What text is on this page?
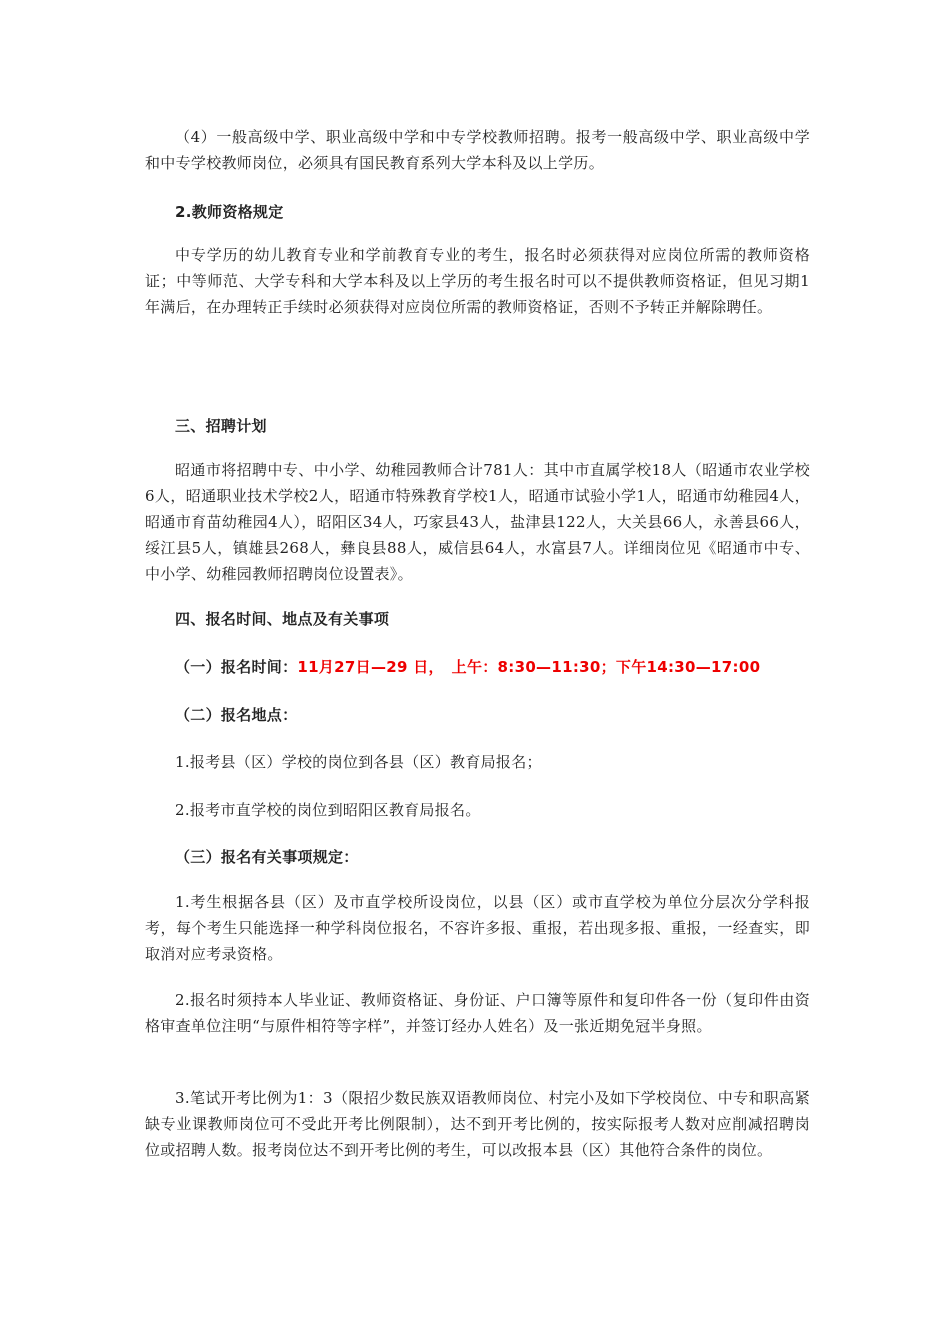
（4）一般高级中学、职业高级中学和中专学校教师招聘。报考一般高级中学、职业高级中学和中专学校教师岗位，必须具有国民教育系列大学本科及以上学历。

2.教师资格规定

中专学历的幼儿教育专业和学前教育专业的考生，报名时必须获得对应岗位所需的教师资格证；中等师范、大学专科和大学本科及以上学历的考生报名时可以不提供教师资格证，但见习期1年满后，在办理转正手续时必须获得对应岗位所需的教师资格证，否则不予转正并解除聘任。

三、招聘计划

昭通市将招聘中专、中小学、幼稚园教师合计781人：其中市直属学校18人（昭通市农业学校6人，昭通职业技术学校2人，昭通市特殊教育学校1人，昭通市试验小学1人，昭通市幼稚园4人，昭通市育苗幼稚园4人），昭阳区34人，巧家县43人，盐津县122人，大关县66人，永善县66人，绥江县5人，镇雄县268人，彝良县88人，威信县64人，水富县7人。详细岗位见《昭通市中专、中小学、幼稚园教师招聘岗位设置表》。

四、报名时间、地点及有关事项

（一）报名时间：11月27日—29 日，　上午：8:30—11:30；下午14:30—17:00

（二）报名地点：

1.报考县（区）学校的岗位到各县（区）教育局报名；

2.报考市直学校的岗位到昭阳区教育局报名。

（三）报名有关事项规定：

1.考生根据各县（区）及市直学校所设岗位，以县（区）或市直学校为单位分层次分学科报考，每个考生只能选择一种学科岗位报名，不容许多报、重报，若出现多报、重报，一经查实，即取消对应考录资格。

2.报名时须持本人毕业证、教师资格证、身份证、户口簿等原件和复印件各一份（复印件由资格审查单位注明“与原件相符等字样”，并签订经办人姓名）及一张近期免冠半身照。

3.笔试开考比例为1：3（限招少数民族双语教师岗位、村完小及如下学校岗位、中专和职高紧缺专业课教师岗位可不受此开考比例限制），达不到开考比例的，按实际报考人数对应削减招聘岗位或招聘人数。报考岗位达不到开考比例的考生，可以改报本县（区）其他符合条件的岗位。
